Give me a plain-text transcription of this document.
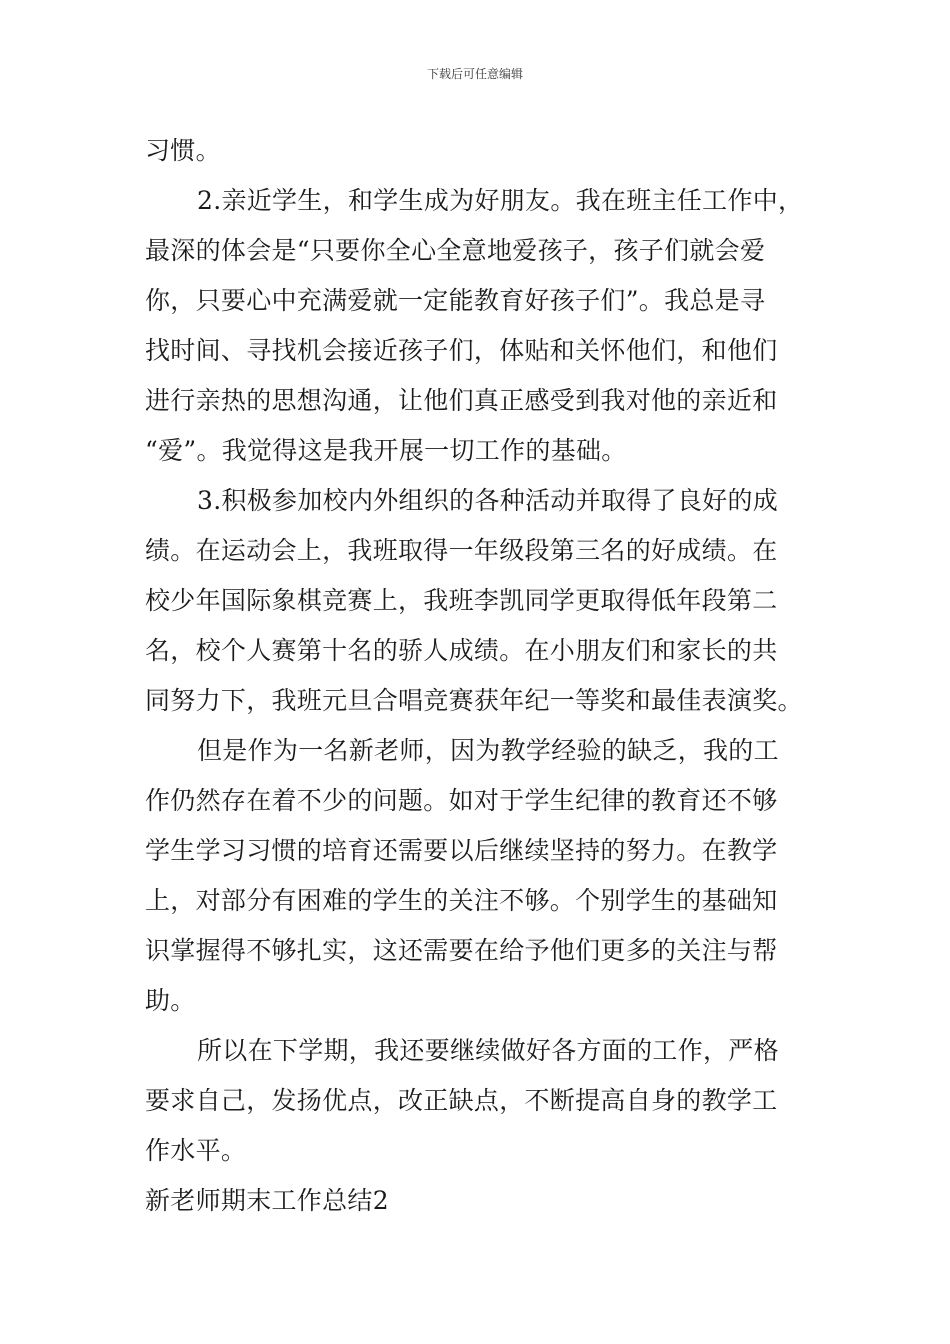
下载后可任意编辑
习惯。
2.亲近学生，和学生成为好朋友。我在班主任工作中，
最深的体会是“只要你全心全意地爱孩子，孩子们就会爱
你，只要心中充满爱就一定能教育好孩子们”。我总是寻
找时间、寻找机会接近孩子们，体贴和关怀他们，和他们
进行亲热的思想沟通，让他们真正感受到我对他的亲近和
“爱”。我觉得这是我开展一切工作的基础。
3.积极参加校内外组织的各种活动并取得了良好的成
绩。在运动会上，我班取得一年级段第三名的好成绩。在
校少年国际象棋竞赛上，我班李凯同学更取得低年段第二
名，校个人赛第十名的骄人成绩。在小朋友们和家长的共
同努力下，我班元旦合唱竞赛获年纪一等奖和最佳表演奖。
但是作为一名新老师，因为教学经验的缺乏，我的工
作仍然存在着不少的问题。如对于学生纪律的教育还不够
学生学习习惯的培育还需要以后继续坚持的努力。在教学
上，对部分有困难的学生的关注不够。个别学生的基础知
识掌握得不够扎实，这还需要在给予他们更多的关注与帮
助。
所以在下学期，我还要继续做好各方面的工作，严格
要求自己，发扬优点，改正缺点，不断提高自身的教学工
作水平。
新老师期末工作总结2
